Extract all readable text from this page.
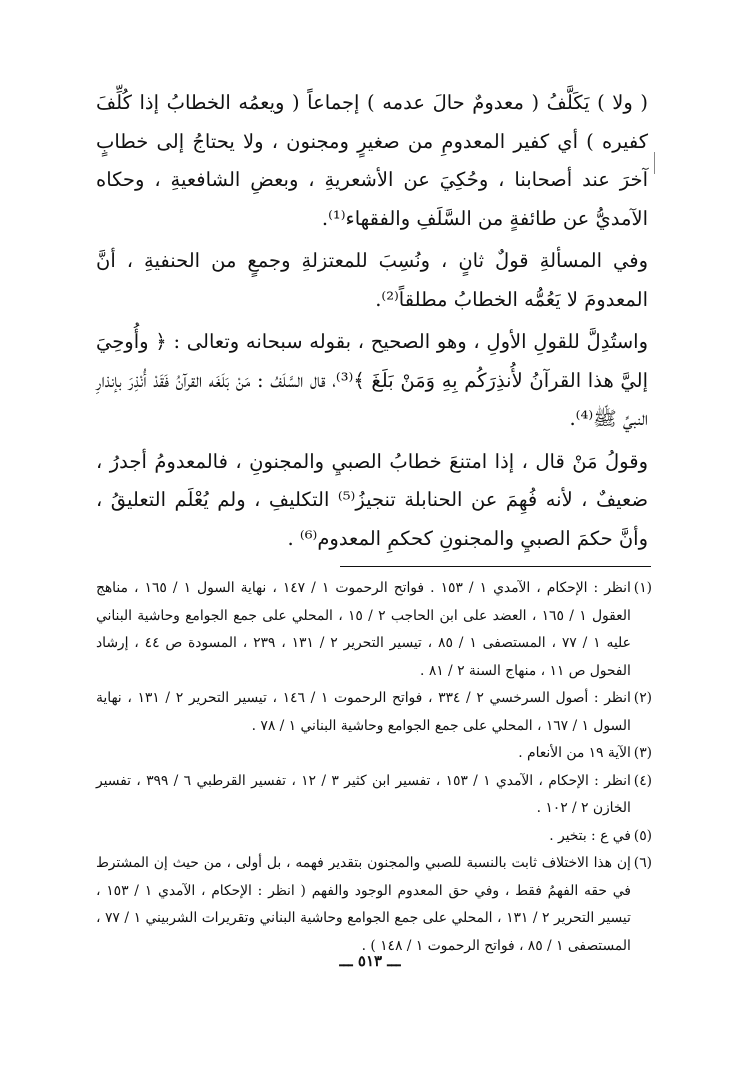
( ولا ) يَكَلَّفُ ( معدومٌ حالَ عدمه ) إجماعاً ( ويعمُه الخطابُ إذا كُلِّفَ كفيره ) أي كفير المعدومِ من صغيرٍ ومجنون ، ولا يحتاجُ إلى خطابٍ آخرَ عند أصحابنا ، وحُكِيَ عن الأشعريةِ ، وبعضِ الشافعيةِ ، وحكاه الآمديُّ عن طائفةٍ من السَّلَفِ والفقهاء⁽¹⁾.

وفي المسألةِ قولٌ ثانٍ ، ونُسِبَ للمعتزلةِ وجمعٍ من الحنفيةِ ، أنَّ المعدومَ لا يَعُمُّه الخطابُ مطلقاً⁽²⁾.

واستُدِلَّ للقولِ الأولِ ، وهو الصحيح ، بقوله سبحانه وتعالى : ﴿ وأُوحِيَ إليَّ هذا القرآنُ لأُنذِرَكُم بِهِ وَمَنْ بَلَغَ ﴾⁽³⁾، قال السَّلَفُ : مَنْ بَلَغَه القرآنُ فَقَدْ أُنْذِرَ بإنذارِ النبيِّ ﷺ⁽⁴⁾.

وقولُ مَنْ قال ، إذا امتنعَ خطابُ الصبيِ والمجنونِ ، فالمعدومُ أجدرُ ، ضعيفٌ ، لأنه فُهِمَ عن الحنابلة تنجيزُ⁽⁵⁾ التكليفِ ، ولم يُعْلَم التعليقُ ، وأنَّ حكمَ الصبيِ والمجنونِ كحكمِ المعدوم⁽⁶⁾ .

(١)
انظر : الإحكام ، الآمدي ١ / ١٥٣ . فواتح الرحموت ١ / ١٤٧ ، نهاية السول ١ / ١٦٥ ، مناهج العقول ١ / ١٦٥ ، العضد على ابن الحاجب ٢ / ١٥ ، المحلي على جمع الجوامع وحاشية البناني عليه ١ / ٧٧ ، المستصفى ١ / ٨٥ ، تيسير التحرير ٢ / ١٣١ ، ٢٣٩ ، المسودة ص ٤٤ ، إرشاد الفحول ص ١١ ، منهاج السنة ٢ / ٨١ .
(٢)
انظر : أصول السرخسي ٢ / ٣٣٤ ، فواتح الرحموت ١ / ١٤٦ ، تيسير التحرير ٢ / ١٣١ ، نهاية السول ١ / ١٦٧ ، المحلي على جمع الجوامع وحاشية البناني ١ / ٧٨ .
(٣)
الآية ١٩ من الأنعام .
(٤)
انظر : الإحكام ، الآمدي ١ / ١٥٣ ، تفسير ابن كثير ٣ / ١٢ ، تفسير القرطبي ٦ / ٣٩٩ ، تفسير الخازن ٢ / ١٠٢ .
(٥)
في ع : بتخير .
(٦)
إن هذا الاختلاف ثابت بالنسبة للصبي والمجنون بتقدير فهمه ، بل أولى ، من حيث إن المشترط في حقه الفهمُ فقط ، وفي حق المعدوم الوجود والفهم ( انظر : الإحكام ، الآمدي ١ / ١٥٣ ، تيسير التحرير ٢ / ١٣١ ، المحلي على جمع الجوامع وحاشية البناني وتقريرات الشربيني ١ / ٧٧ ، المستصفى ١ / ٨٥ ، فواتح الرحموت ١ / ١٤٨ ) .
ـــ ٥١٣ ـــ
